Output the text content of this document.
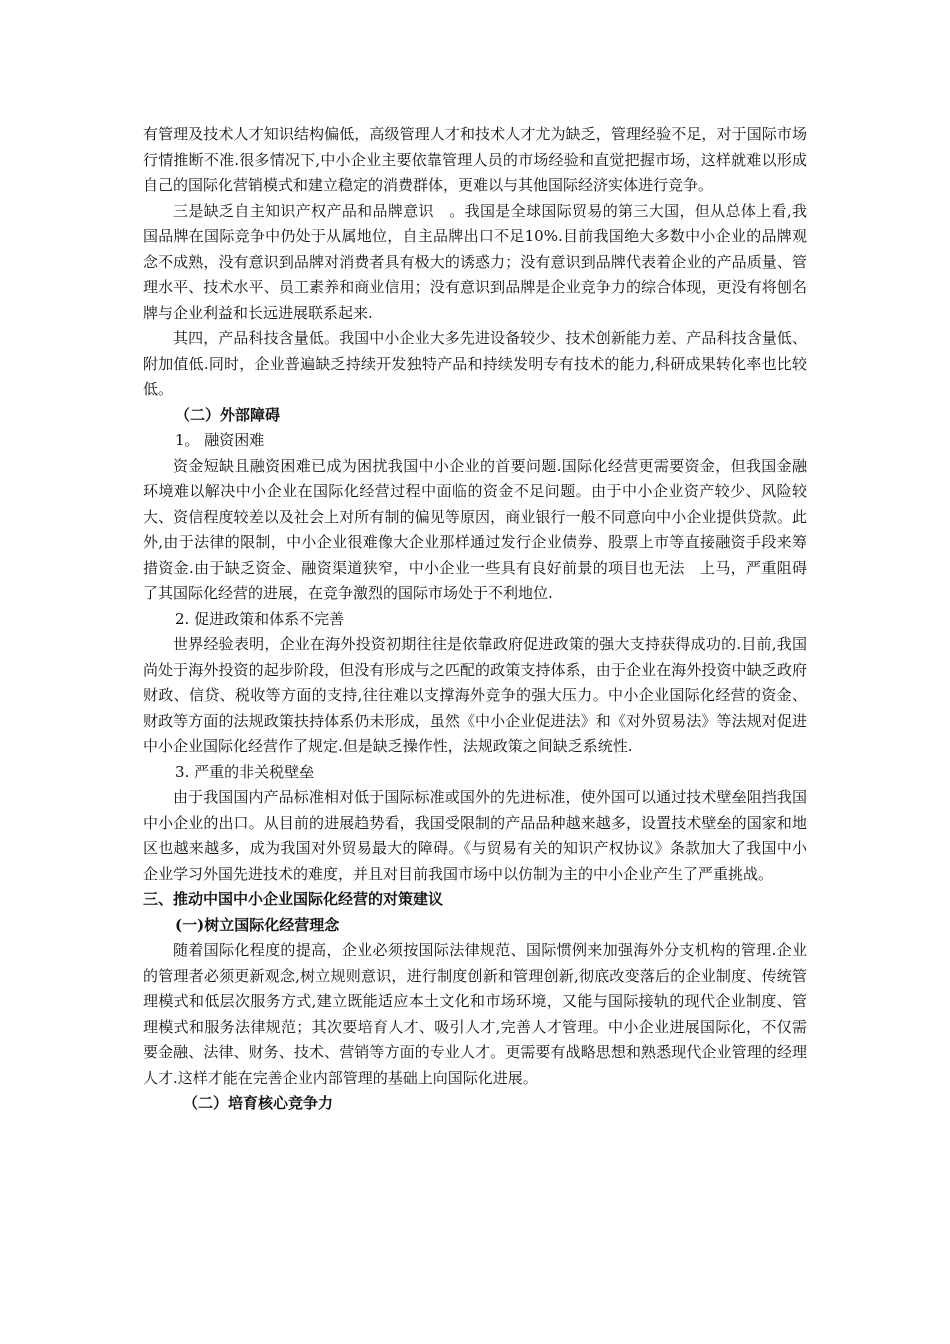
有管理及技术人才知识结构偏低，高级管理人才和技术人才尤为缺乏，管理经验不足，对于国际市场行情推断不准.很多情况下,中小企业主要依靠管理人员的市场经验和直觉把握市场，这样就难以形成自己的国际化营销模式和建立稳定的消费群体，更难以与其他国际经济实体进行竞争。

三是缺乏自主知识产权产品和品牌意识　。我国是全球国际贸易的第三大国，但从总体上看,我国品牌在国际竞争中仍处于从属地位，自主品牌出口不足10%.目前我国绝大多数中小企业的品牌观念不成熟，没有意识到品牌对消费者具有极大的诱惑力；没有意识到品牌代表着企业的产品质量、管理水平、技术水平、员工素养和商业信用；没有意识到品牌是企业竞争力的综合体现，更没有将刨名牌与企业利益和长远进展联系起来.

其四，产品科技含量低。我国中小企业大多先进设备较少、技术创新能力差、产品科技含量低、附加值低.同时，企业普遍缺乏持续开发独特产品和持续发明专有技术的能力,科研成果转化率也比较低。

（二）外部障碍

1。 融资困难

资金短缺且融资困难已成为困扰我国中小企业的首要问题.国际化经营更需要资金，但我国金融环境难以解决中小企业在国际化经营过程中面临的资金不足问题。由于中小企业资产较少、风险较大、资信程度较差以及社会上对所有制的偏见等原因，商业银行一般不同意向中小企业提供贷款。此外,由于法律的限制，中小企业很难像大企业那样通过发行企业债券、股票上市等直接融资手段来筹措资金.由于缺乏资金、融资渠道狭窄，中小企业一些具有良好前景的项目也无法　上马，严重阻碍了其国际化经营的进展，在竞争激烈的国际市场处于不利地位.

2. 促进政策和体系不完善

世界经验表明，企业在海外投资初期往往是依靠政府促进政策的强大支持获得成功的.目前,我国尚处于海外投资的起步阶段，但没有形成与之匹配的政策支持体系，由于企业在海外投资中缺乏政府财政、信贷、税收等方面的支持,往往难以支撑海外竞争的强大压力。中小企业国际化经营的资金、财政等方面的法规政策扶持体系仍未形成，虽然《中小企业促进法》和《对外贸易法》等法规对促进中小企业国际化经营作了规定.但是缺乏操作性，法规政策之间缺乏系统性.

3. 严重的非关税壁垒

由于我国国内产品标准相对低于国际标准或国外的先进标准，使外国可以通过技术壁垒阻挡我国中小企业的出口。从目前的进展趋势看，我国受限制的产品品种越来越多，设置技术壁垒的国家和地区也越来越多，成为我国对外贸易最大的障碍。《与贸易有关的知识产权协议》条款加大了我国中小企业学习外国先进技术的难度，并且对目前我国市场中以仿制为主的中小企业产生了严重挑战。

三、推动中国中小企业国际化经营的对策建议

(一)树立国际化经营理念

随着国际化程度的提高，企业必须按国际法律规范、国际惯例来加强海外分支机构的管理.企业的管理者必须更新观念,树立规则意识，进行制度创新和管理创新,彻底改变落后的企业制度、传统管理模式和低层次服务方式,建立既能适应本土文化和市场环境，又能与国际接轨的现代企业制度、管理模式和服务法律规范；其次要培育人才、吸引人才,完善人才管理。中小企业进展国际化，不仅需要金融、法律、财务、技术、营销等方面的专业人才。更需要有战略思想和熟悉现代企业管理的经理人才.这样才能在完善企业内部管理的基础上向国际化进展。

（二）培育核心竞争力
